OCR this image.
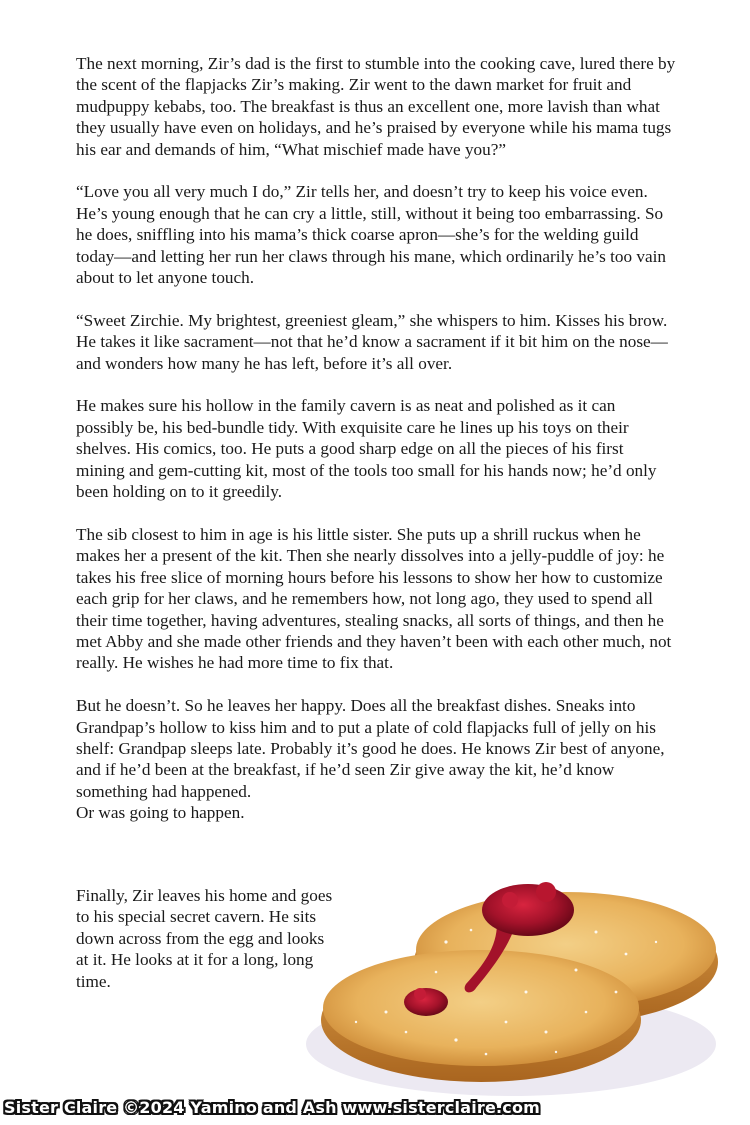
The next morning, Zir’s dad is the first to stumble into the cooking cave, lured there by the scent of the flapjacks Zir’s making. Zir went to the dawn market for fruit and mudpuppy kebabs, too. The breakfast is thus an excellent one, more lavish than what they usually have even on holidays, and he’s praised by everyone while his mama tugs his ear and demands of him, “What mischief made have you?”

“Love you all very much I do,” Zir tells her, and doesn’t try to keep his voice even. He’s young enough that he can cry a little, still, without it being too embarrassing. So he does, sniffling into his mama’s thick coarse apron—she’s for the welding guild today—and letting her run her claws through his mane, which ordinarily he’s too vain about to let anyone touch.

“Sweet Zirchie. My brightest, greeniest gleam,” she whispers to him. Kisses his brow. He takes it like sacrament—not that he’d know a sacrament if it bit him on the nose—and wonders how many he has left, before it’s all over.

He makes sure his hollow in the family cavern is as neat and polished as it can possibly be, his bed-bundle tidy. With exquisite care he lines up his toys on their shelves. His comics, too. He puts a good sharp edge on all the pieces of his first mining and gem-cutting kit, most of the tools too small for his hands now; he’d only been holding on to it greedily.

The sib closest to him in age is his little sister. She puts up a shrill ruckus when he makes her a present of the kit. Then she nearly dissolves into a jelly-puddle of joy: he takes his free slice of morning hours before his lessons to show her how to customize each grip for her claws, and he remembers how, not long ago, they used to spend all their time together, having adventures, stealing snacks, all sorts of things, and then he met Abby and she made other friends and they haven’t been with each other much, not really. He wishes he had more time to fix that.

But he doesn’t. So he leaves her happy. Does all the breakfast dishes. Sneaks into Grandpap’s hollow to kiss him and to put a plate of cold flapjacks full of jelly on his shelf: Grandpap sleeps late. Probably it’s good he does. He knows Zir best of anyone, and if he’d been at the breakfast, if he’d seen Zir give away the kit, he’d know something had happened.

Or was going to happen.

Finally, Zir leaves his home and goes to his special secret cavern. He sits down across from the egg and looks at it. He looks at it for a long, long time.

Sister Claire ©2024 Yamino and Ash www.sisterclaire.com
